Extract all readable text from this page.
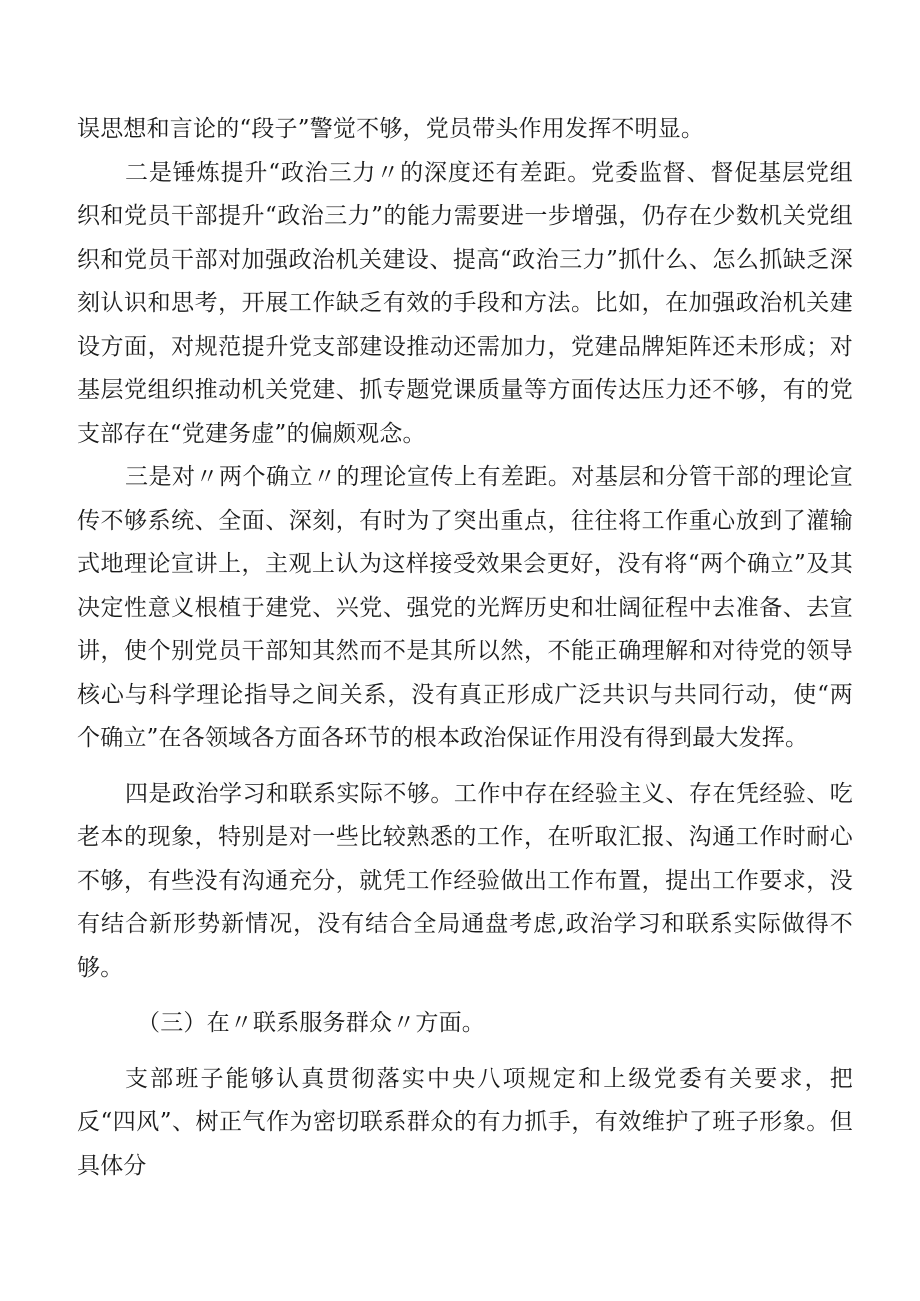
误思想和言论的“段子”警觉不够，党员带头作用发挥不明显。

二是锤炼提升“政治三力〃的深度还有差距。党委监督、督促基层党组织和党员干部提升“政治三力”的能力需要进一步增强，仍存在少数机关党组织和党员干部对加强政治机关建设、提高“政治三力”抓什么、怎么抓缺乏深刻认识和思考，开展工作缺乏有效的手段和方法。比如，在加强政治机关建设方面，对规范提升党支部建设推动还需加力，党建品牌矩阵还未形成；对基层党组织推动机关党建、抓专题党课质量等方面传达压力还不够，有的党支部存在“党建务虚”的偏颇观念。

三是对〃两个确立〃的理论宣传上有差距。对基层和分管干部的理论宣传不够系统、全面、深刻，有时为了突出重点，往往将工作重心放到了灌输式地理论宣讲上，主观上认为这样接受效果会更好，没有将“两个确立”及其决定性意义根植于建党、兴党、强党的光辉历史和壮阔征程中去准备、去宣讲，使个别党员干部知其然而不是其所以然，不能正确理解和对待党的领导核心与科学理论指导之间关系，没有真正形成广泛共识与共同行动，使“两个确立”在各领域各方面各环节的根本政治保证作用没有得到最大发挥。

四是政治学习和联系实际不够。工作中存在经验主义、存在凭经验、吃老本的现象，特别是对一些比较熟悉的工作，在听取汇报、沟通工作时耐心不够，有些没有沟通充分，就凭工作经验做出工作布置，提出工作要求，没有结合新形势新情况，没有结合全局通盘考虑,政治学习和联系实际做得不够。

（三）在〃联系服务群众〃方面。

支部班子能够认真贯彻落实中央八项规定和上级党委有关要求，把反“四风”、树正气作为密切联系群众的有力抓手，有效维护了班子形象。但具体分
